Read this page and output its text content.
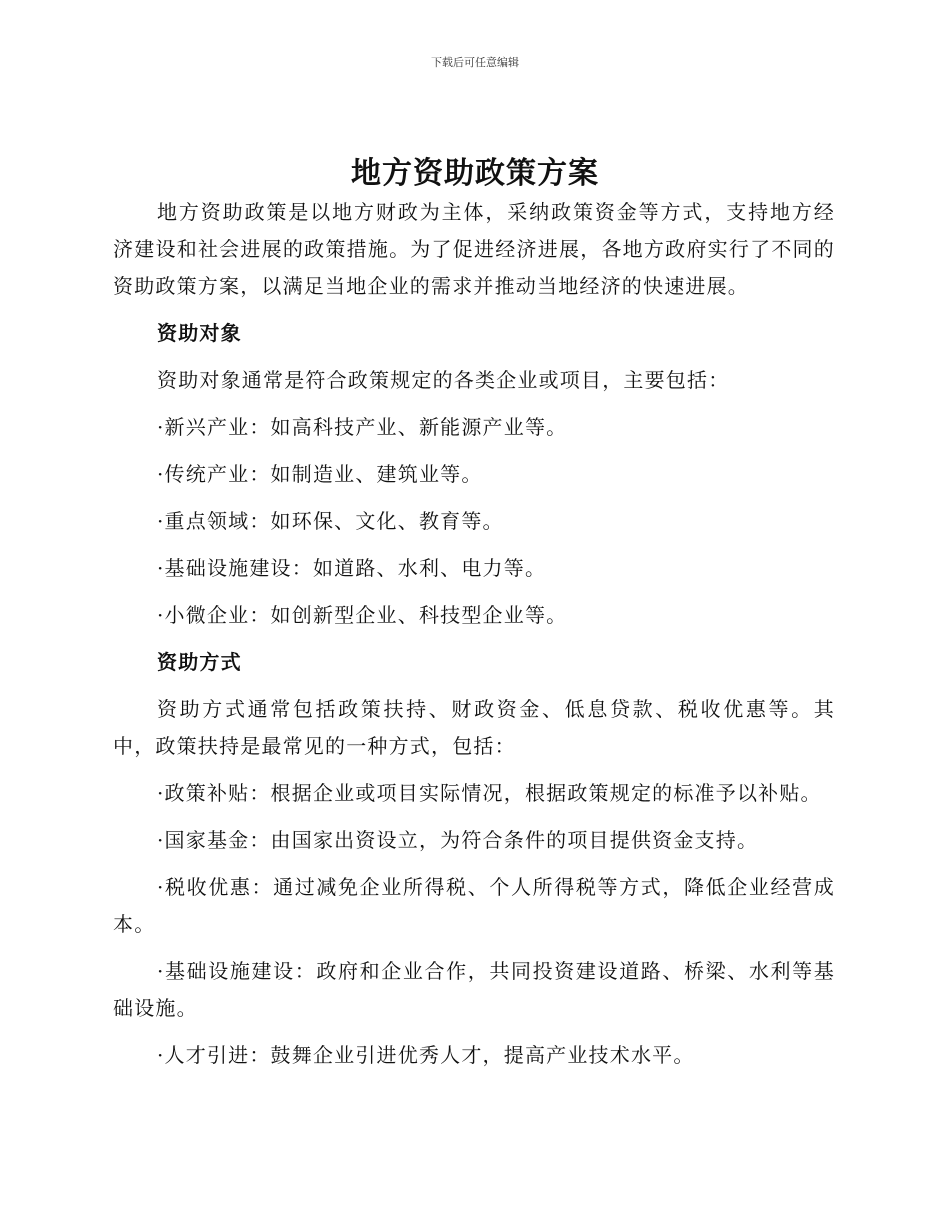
下载后可任意编辑
地方资助政策方案

地方资助政策是以地方财政为主体，采纳政策资金等方式，支持地方经济建设和社会进展的政策措施。为了促进经济进展，各地方政府实行了不同的资助政策方案，以满足当地企业的需求并推动当地经济的快速进展。

资助对象

资助对象通常是符合政策规定的各类企业或项目，主要包括：

·新兴产业：如高科技产业、新能源产业等。

·传统产业：如制造业、建筑业等。

·重点领域：如环保、文化、教育等。

·基础设施建设：如道路、水利、电力等。

·小微企业：如创新型企业、科技型企业等。

资助方式

资助方式通常包括政策扶持、财政资金、低息贷款、税收优惠等。其中，政策扶持是最常见的一种方式，包括：

·政策补贴：根据企业或项目实际情况，根据政策规定的标准予以补贴。

·国家基金：由国家出资设立，为符合条件的项目提供资金支持。

·税收优惠：通过减免企业所得税、个人所得税等方式，降低企业经营成本。

·基础设施建设：政府和企业合作，共同投资建设道路、桥梁、水利等基础设施。

·人才引进：鼓舞企业引进优秀人才，提高产业技术水平。
